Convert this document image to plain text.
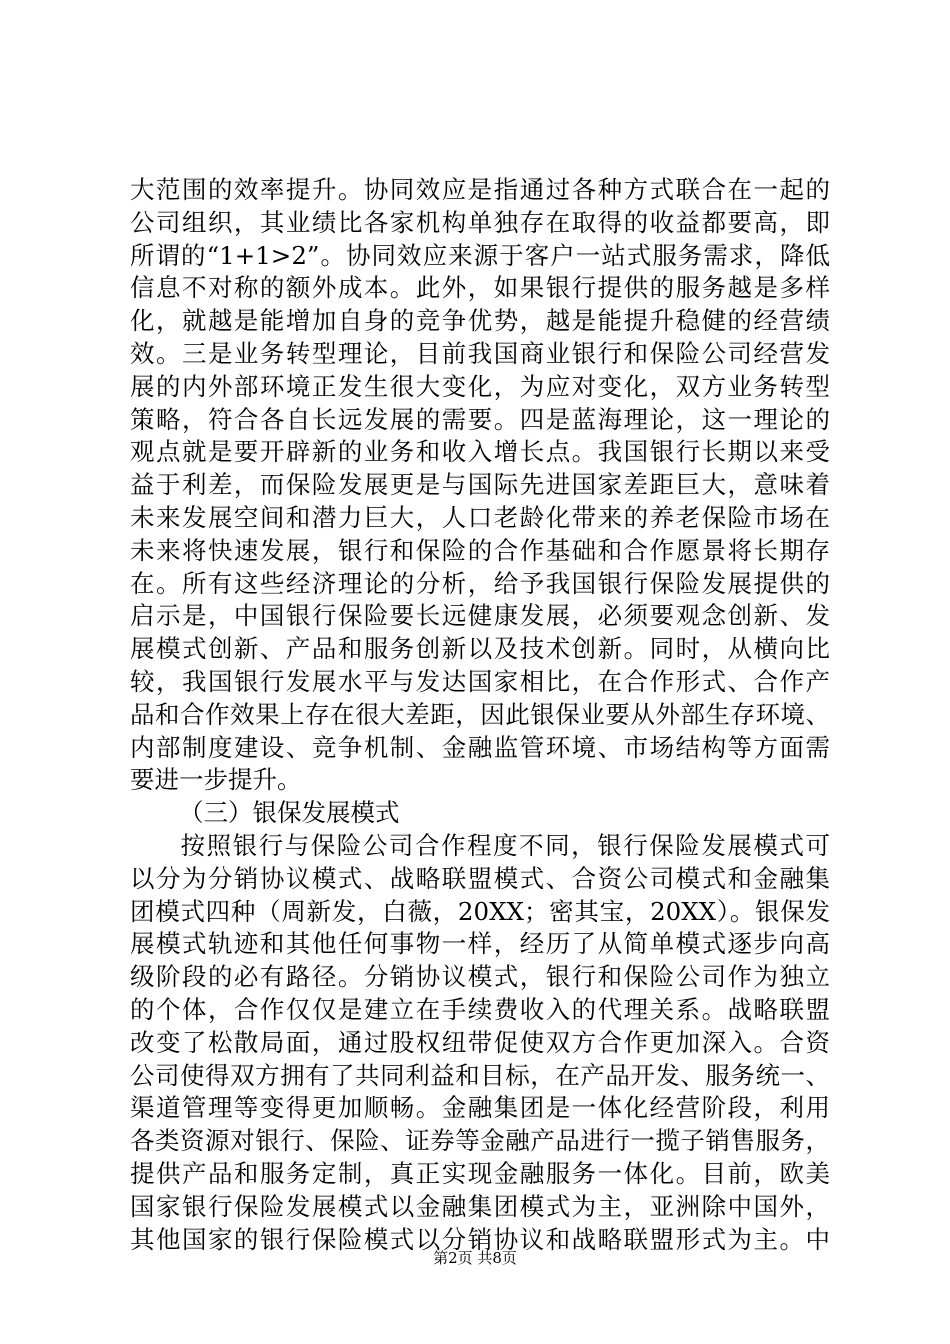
大范围的效率提升。协同效应是指通过各种方式联合在一起的
公司组织，其业绩比各家机构单独存在取得的收益都要高，即
所谓的“1+1>2”。协同效应来源于客户一站式服务需求，降低
信息不对称的额外成本。此外，如果银行提供的服务越是多样
化，就越是能增加自身的竞争优势，越是能提升稳健的经营绩
效。三是业务转型理论，目前我国商业银行和保险公司经营发
展的内外部环境正发生很大变化，为应对变化，双方业务转型
策略，符合各自长远发展的需要。四是蓝海理论，这一理论的
观点就是要开辟新的业务和收入增长点。我国银行长期以来受
益于利差，而保险发展更是与国际先进国家差距巨大，意味着
未来发展空间和潜力巨大，人口老龄化带来的养老保险市场在
未来将快速发展，银行和保险的合作基础和合作愿景将长期存
在。所有这些经济理论的分析，给予我国银行保险发展提供的
启示是，中国银行保险要长远健康发展，必须要观念创新、发
展模式创新、产品和服务创新以及技术创新。同时，从横向比
较，我国银行发展水平与发达国家相比，在合作形式、合作产
品和合作效果上存在很大差距，因此银保业要从外部生存环境、
内部制度建设、竞争机制、金融监管环境、市场结构等方面需
要进一步提升。
（三）银保发展模式
按照银行与保险公司合作程度不同，银行保险发展模式可
以分为分销协议模式、战略联盟模式、合资公司模式和金融集
团模式四种（周新发，白薇，20XX；密其宝，20XX）。银保发
展模式轨迹和其他任何事物一样，经历了从简单模式逐步向高
级阶段的必有路径。分销协议模式，银行和保险公司作为独立
的个体，合作仅仅是建立在手续费收入的代理关系。战略联盟
改变了松散局面，通过股权纽带促使双方合作更加深入。合资
公司使得双方拥有了共同利益和目标，在产品开发、服务统一、
渠道管理等变得更加顺畅。金融集团是一体化经营阶段，利用
各类资源对银行、保险、证券等金融产品进行一揽子销售服务，
提供产品和服务定制，真正实现金融服务一体化。目前，欧美
国家银行保险发展模式以金融集团模式为主，亚洲除中国外，
其他国家的银行保险模式以分销协议和战略联盟形式为主。中
第2页 共8页
